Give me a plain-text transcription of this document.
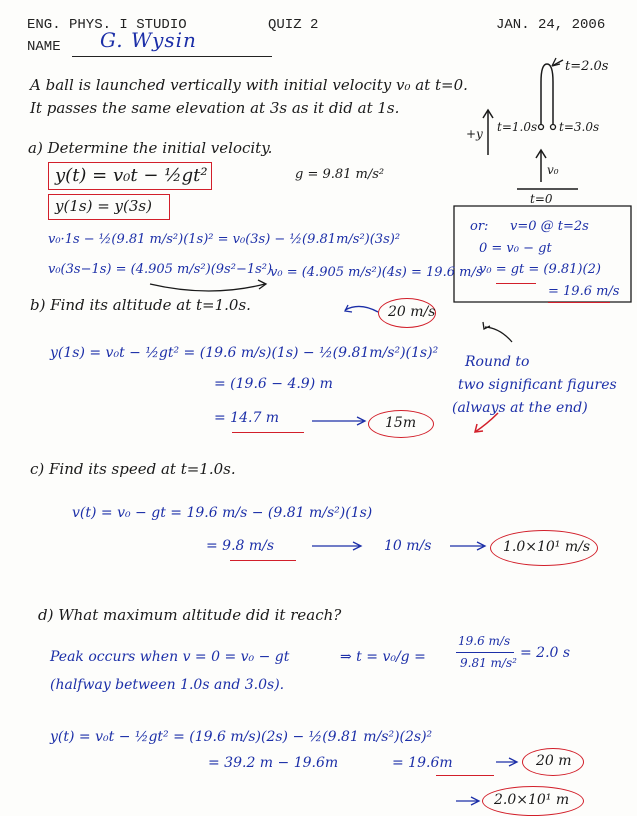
ENG. PHYS. I STUDIO	QUIZ 2	JAN. 24, 2006
NAME G. Wysin
A ball is launched vertically with initial velocity v₀ at t=0.
It passes the same elevation at 3s as it did at 1s.
t=2.0s
t=1.0s t=3.0s
v₀
t=0
+y
a) Determine the initial velocity.
y(t) = v₀t − ½gt²	g = 9.81 m/s²
y(1s) = y(3s)
v₀·1s − ½(9.81 m/s²)(1s)² = v₀(3s) − ½(9.81m/s²)(3s)²
v₀(3s−1s) = (4.905 m/s²)(9s²−1s²)
v₀ = (4.905 m/s²)(4s) = 19.6 m/s
20 m/s
or: v=0 @ t=2s
0 = v₀ − gt
v₀ = gt = (9.81)(2)
= 19.6 m/s
b) Find its altitude at t=1.0s.
y(1s) = v₀t − ½gt² = (19.6 m/s)(1s) − ½(9.81m/s²)(1s)²
= (19.6 − 4.9) m
= 14.7 m	15m
Round to
two significant figures
(always at the end)
c) Find its speed at t=1.0s.
v(t) = v₀ − gt = 19.6 m/s − (9.81 m/s²)(1s)
= 9.8 m/s	10 m/s	1.0×10¹ m/s
d) What maximum altitude did it reach?
Peak occurs when v = 0 = v₀ − gt	⇒ t = v₀/g =
19.6 m/s
9.81 m/s²
= 2.0 s
(halfway between 1.0s and 3.0s).
y(t) = v₀t − ½gt² = (19.6 m/s)(2s) − ½(9.81 m/s²)(2s)²
= 39.2 m − 19.6m	= 19.6m	20 m
2.0×10¹ m
